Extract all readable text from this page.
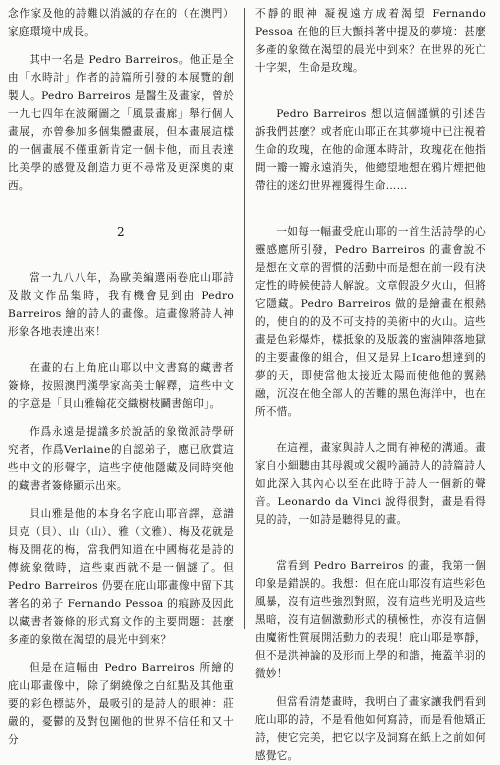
念作家及他的詩難以消滅的存在的（在澳門）家庭環境中成長。

其中一名是 Pedro Barreiros。他正是全由「水時計」作者的詩篇所引發的本展覽的創製人。Pedro Barreiros 是醫生及畫家，曾於一九七四年在波爾圖之「風景畫廊」舉行個人畫展，亦曾參加多個集體畫展，但本畫展這樣的一個畫展不僅重新肯定一個卡他，而且表達比美學的感覺及創造力更不尋常及更深奧的東西。

2

當一九八八年，為歐美編選兩卷庇山耶詩及散文作品集時，我有機會見到由 Pedro Barreiros 繪的詩人的畫像。這畫像將詩人神形象各地表達出來！

在畫的右上角庇山耶以中文書寫的藏書者簽條，按照澳門漢學家高美士解釋，這些中文的字意是「貝山雅翰花交織樹枝鬬書館印」。

作爲永遠是提議多於說話的象徵派詩學研究者，作爲Verlaine的自認弟子，應已欣賞這些中文的形聲字，這些字使他隱藏及同時突他的藏書者簽條顯示出來。

貝山雅是他的本身名字庇山耶音譯，意譜貝克（貝）、山（山）、雅（文雅）、梅及花就是梅及開花的梅，當我們知道在中國梅花是詩的傳統象徵時，這些東西就不是一個謎了。但 Pedro Barreiros 仍要在庇山耶畫像中留下其著名的弟子 Fernando Pessoa 的痕跡及因此以藏書者簽條的形式寫文作的主要問題：甚麼多產的象徵在渴望的晨光中到來？

但是在這幅由 Pedro Barreiros 所繪的庇山耶畫像中，除了網繞像之白紅點及其他重要的彩色標誌外，最吸引的是詩人的眼神：莊嚴的，憂鬱的及對包圍他的世界不信任和又十分

不靜的眼神 凝視遠方成着渴望 Fernando Pessoa 在他的巨大顫抖著中提及的夢境：甚麼多產的象徵在渴望的晨光中到來？在世界的死亡十字架，生命是玫瑰。

Pedro Barreiros 想以這個謹愼的引述告訴我們甚麼？或者庇山耶正在其夢境中已注視着生命的玫瑰，在他的命運本時計，玫瑰花在他指間一瓣一瓣永遠消失，他總望地想在鴉片煙把他帶往的迷幻世界裡獲得生命……

一如每一幅畫受庇山耶的一首生活詩學的心靈感應所引發，Pedro Barreiros 的畫會說不是想在文章的習慣的活動中而是想在前一段有決定性的時候使詩人解說。文章假設夕火山，但將它隱藏。Pedro Barreiros 做的是繪畫在根熱的，使自的的及不可支持的美術中的火山。這些畫是色彩爆炸，樣抵象的及版義的蜜滷陣落地獄的主要畫像的組合，但又是昇上Icaro想達到的夢的天，即使當他太接近太陽而使他他的翼熱融，沉沒在他全部人的苦難的黑色海洋中，也在所不惜。

在這裡，畫家與詩人之間有神秘的溝通。畫家自小細聽由其母親或父親吟誦詩人的詩篇詩人如此深入其內心以至在此時于詩人一個新的聲音。Leonardo da Vinci 說得很對，畫是看得見的詩，一如詩是聽得見的畫。

當看到 Pedro Barreiros 的畫，我第一個印象是錯誤的。我想：但在庇山耶沒有這些彩色風暴，沒有這些強烈對照，沒有這些光明及這些黑暗，沒有這個激動形式的積極性，亦沒有這個由魔術性質展開活動力的表現！庇山耶是寧靜，但不是洪神論的及形而上學的和諧，掩蓋羊羽的微妙！

但當看清楚畫時，我明白了畫家讓我們看到庇山耶的詩，不是看他如何寫詩，而是看他矯正詩，使它完美，把它以字及詞寫在紙上之前如何感覺它。
